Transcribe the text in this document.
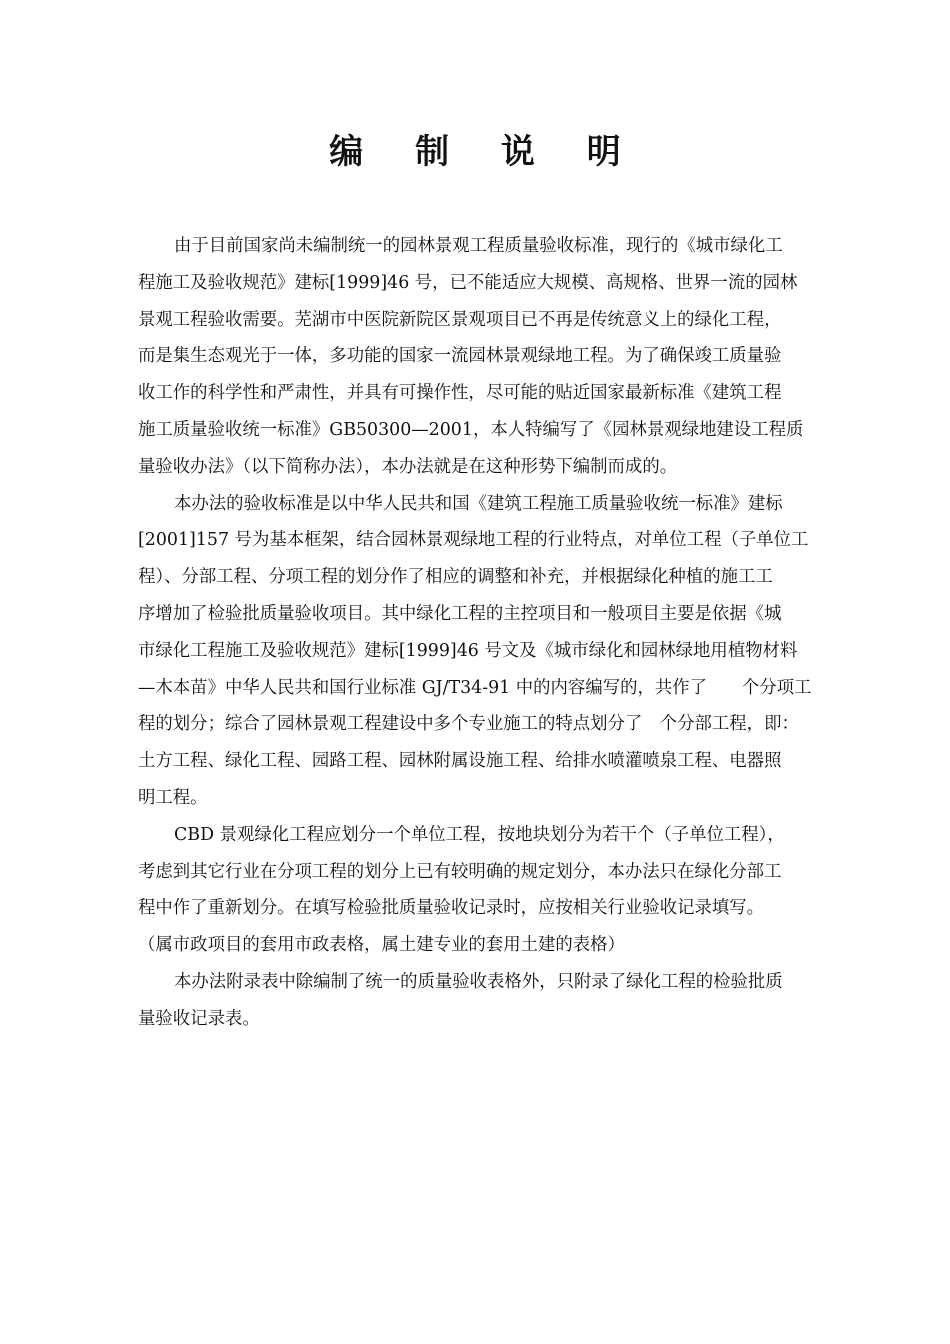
编 制 说 明
由于目前国家尚未编制统一的园林景观工程质量验收标准，现行的《城市绿化工
程施工及验收规范》建标[1999]46 号，已不能适应大规模、高规格、世界一流的园林
景观工程验收需要。芜湖市中医院新院区景观项目已不再是传统意义上的绿化工程，
而是集生态观光于一体，多功能的国家一流园林景观绿地工程。为了确保竣工质量验
收工作的科学性和严肃性，并具有可操作性，尽可能的贴近国家最新标准《建筑工程
施工质量验收统一标准》GB50300—2001，本人特编写了《园林景观绿地建设工程质
量验收办法》（以下简称办法），本办法就是在这种形势下编制而成的。
本办法的验收标准是以中华人民共和国《建筑工程施工质量验收统一标准》建标
[2001]157 号为基本框架，结合园林景观绿地工程的行业特点，对单位工程（子单位工
程）、分部工程、分项工程的划分作了相应的调整和补充，并根据绿化种植的施工工
序增加了检验批质量验收项目。其中绿化工程的主控项目和一般项目主要是依据《城
市绿化工程施工及验收规范》建标[1999]46 号文及《城市绿化和园林绿地用植物材料
—木本苗》中华人民共和国行业标准 GJ/T34-91 中的内容编写的，共作了　　个分项工
程的划分；综合了园林景观工程建设中多个专业施工的特点划分了　个分部工程，即：
土方工程、绿化工程、园路工程、园林附属设施工程、给排水喷灌喷泉工程、电器照
明工程。
CBD 景观绿化工程应划分一个单位工程，按地块划分为若干个（子单位工程），
考虑到其它行业在分项工程的划分上已有较明确的规定划分，本办法只在绿化分部工
程中作了重新划分。在填写检验批质量验收记录时，应按相关行业验收记录填写。
（属市政项目的套用市政表格，属土建专业的套用土建的表格）
本办法附录表中除编制了统一的质量验收表格外，只附录了绿化工程的检验批质
量验收记录表。
